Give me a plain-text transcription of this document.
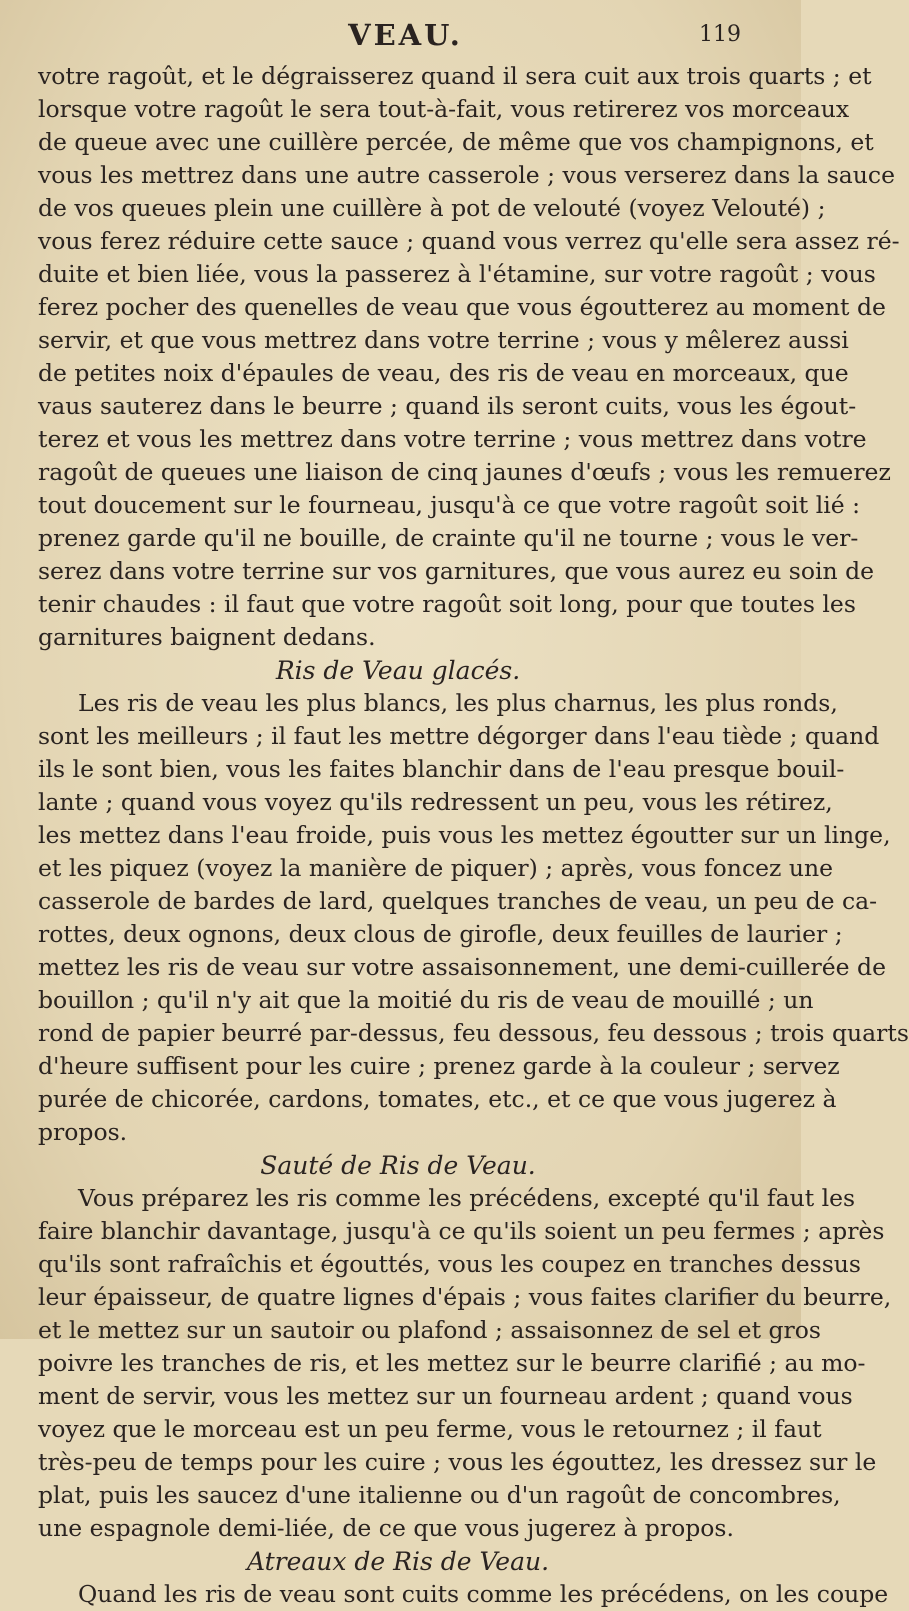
VEAU.	119
votre ragoût, et le dégraisserez quand il sera cuit aux trois quarts ; et
lorsque votre ragoût le sera tout-à-fait, vous retirerez vos morceaux
de queue avec une cuillère percée, de même que vos champignons, et
vous les mettrez dans une autre casserole ; vous verserez dans la sauce
de vos queues plein une cuillère à pot de velouté (voyez Velouté) ;
vous ferez réduire cette sauce ; quand vous verrez qu'elle sera assez ré-
duite et bien liée, vous la passerez à l'étamine, sur votre ragoût ; vous
ferez pocher des quenelles de veau que vous égoutterez au moment de
servir, et que vous mettrez dans votre terrine ; vous y mêlerez aussi
de petites noix d'épaules de veau, des ris de veau en morceaux, que
vaus sauterez dans le beurre ; quand ils seront cuits, vous les égout-
terez et vous les mettrez dans votre terrine ; vous mettrez dans votre
ragoût de queues une liaison de cinq jaunes d'œufs ; vous les remuerez
tout doucement sur le fourneau, jusqu'à ce que votre ragoût soit lié :
prenez garde qu'il ne bouille, de crainte qu'il ne tourne ; vous le ver-
serez dans votre terrine sur vos garnitures, que vous aurez eu soin de
tenir chaudes : il faut que votre ragoût soit long, pour que toutes les
garnitures baignent dedans.
Ris de Veau glacés.
Les ris de veau les plus blancs, les plus charnus, les plus ronds,
sont les meilleurs ; il faut les mettre dégorger dans l'eau tiède ; quand
ils le sont bien, vous les faites blanchir dans de l'eau presque bouil-
lante ; quand vous voyez qu'ils redressent un peu, vous les rétirez,
les mettez dans l'eau froide, puis vous les mettez égoutter sur un linge,
et les piquez (voyez la manière de piquer) ; après, vous foncez une
casserole de bardes de lard, quelques tranches de veau, un peu de ca-
rottes, deux ognons, deux clous de girofle, deux feuilles de laurier ;
mettez les ris de veau sur votre assaisonnement, une demi-cuillerée de
bouillon ; qu'il n'y ait que la moitié du ris de veau de mouillé ; un
rond de papier beurré par-dessus, feu dessous, feu dessous ; trois quarts
d'heure suffisent pour les cuire ; prenez garde à la couleur ; servez
purée de chicorée, cardons, tomates, etc., et ce que vous jugerez à
propos.
Sauté de Ris de Veau.
Vous préparez les ris comme les précédens, excepté qu'il faut les
faire blanchir davantage, jusqu'à ce qu'ils soient un peu fermes ; après
qu'ils sont rafraîchis et égouttés, vous les coupez en tranches dessus
leur épaisseur, de quatre lignes d'épais ; vous faites clarifier du beurre,
et le mettez sur un sautoir ou plafond ; assaisonnez de sel et gros
poivre les tranches de ris, et les mettez sur le beurre clarifié ; au mo-
ment de servir, vous les mettez sur un fourneau ardent ; quand vous
voyez que le morceau est un peu ferme, vous le retournez ; il faut
très-peu de temps pour les cuire ; vous les égouttez, les dressez sur le
plat, puis les saucez d'une italienne ou d'un ragoût de concombres,
une espagnole demi-liée, de ce que vous jugerez à propos.
Atreaux de Ris de Veau.
Quand les ris de veau sont cuits comme les précédens, on les coupe
